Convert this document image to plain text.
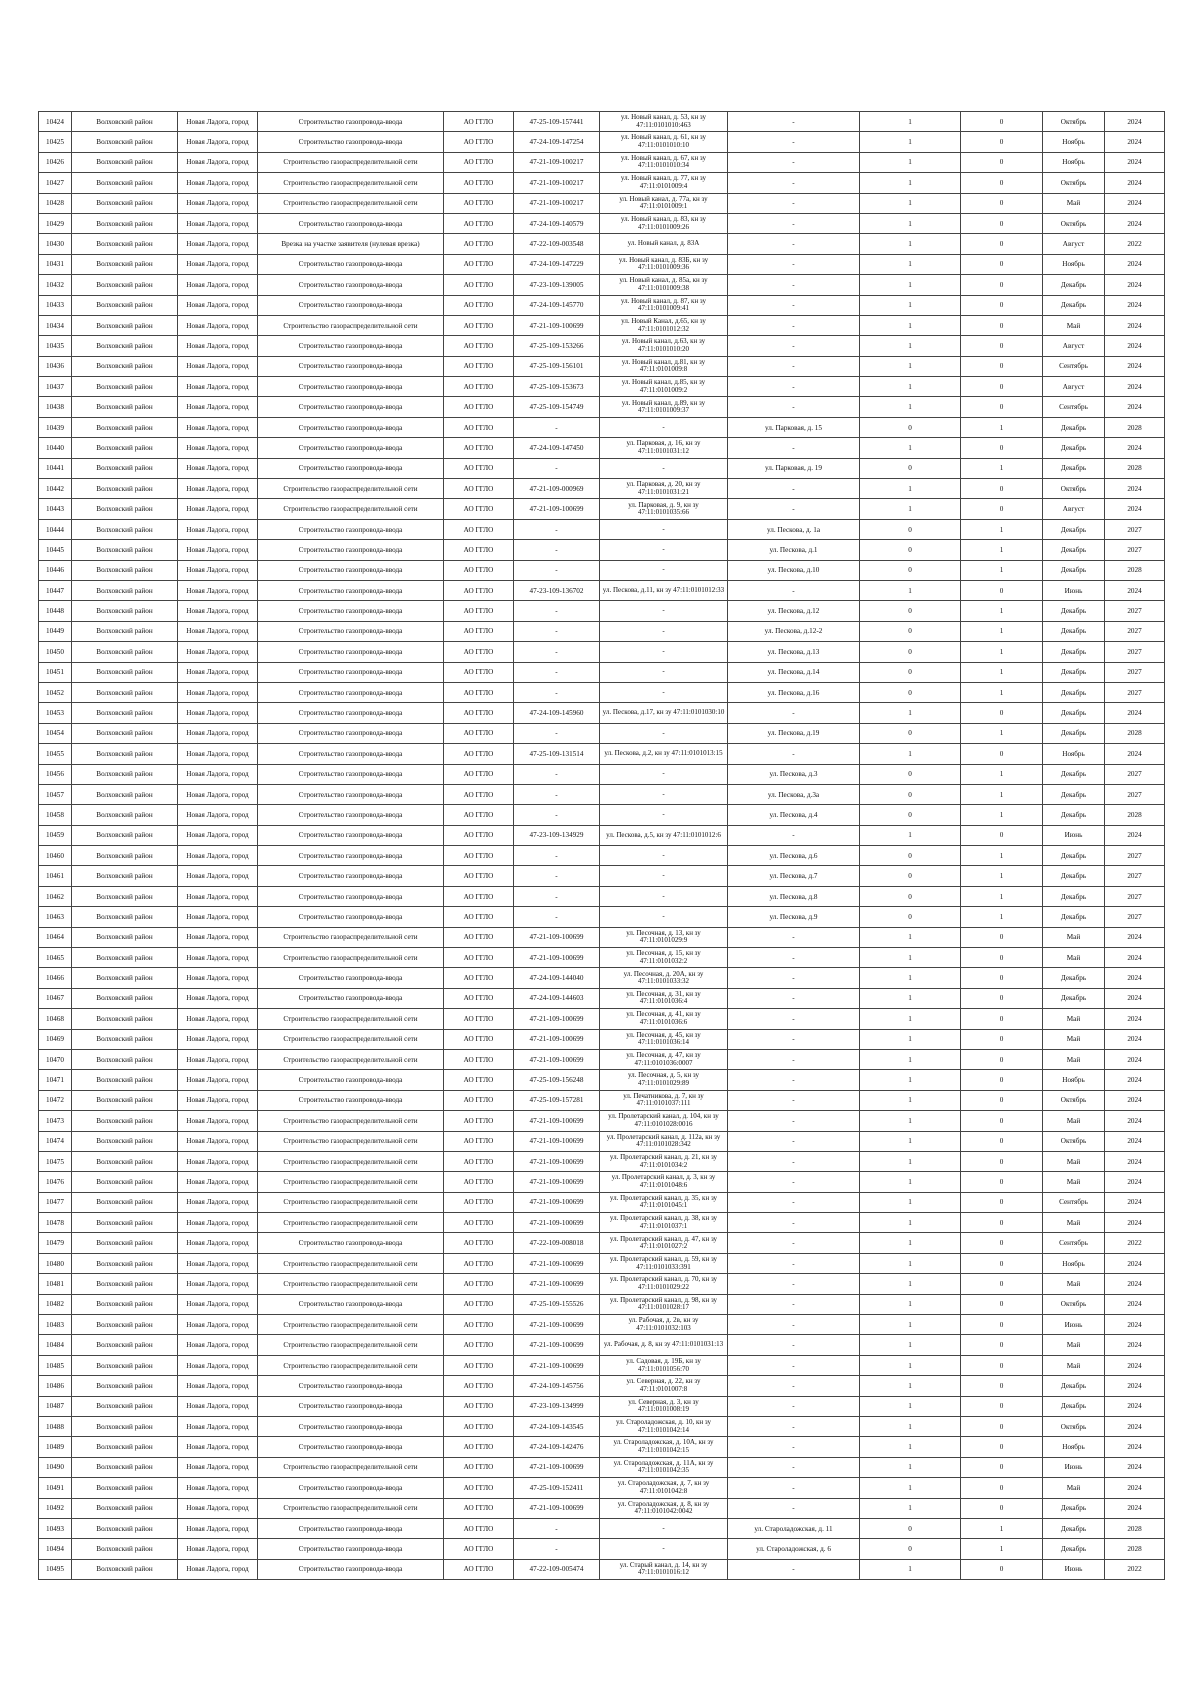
10424	Волховский район	Новая Ладога, город	Строительство газопровода-ввода	АО ГГЛО	47-25-109-157441	ул. Новый канал, д. 53, кн зу 47:11:0101010:463	-	1	0	Октябрь	2024
10425	Волховский район	Новая Ладога, город	Строительство газопровода-ввода	АО ГГЛО	47-24-109-147254	ул. Новый канал, д. 61, кн зу 47:11:0101010:10	-	1	0	Ноябрь	2024
10426	Волховский район	Новая Ладога, город	Строительство газораспределительной сети	АО ГГЛО	47-21-109-100217	ул. Новый канал, д. 67, кн зу 47:11:0101010:34	-	1	0	Ноябрь	2024
10427	Волховский район	Новая Ладога, город	Строительство газораспределительной сети	АО ГГЛО	47-21-109-100217	ул. Новый канал, д. 77, кн зу 47:11:0101009:4	-	1	0	Октябрь	2024
10428	Волховский район	Новая Ладога, город	Строительство газораспределительной сети	АО ГГЛО	47-21-109-100217	ул. Новый канал, д. 77а, кн зу 47:11:0101009:1	-	1	0	Май	2024
10429	Волховский район	Новая Ладога, город	Строительство газопровода-ввода	АО ГГЛО	47-24-109-140579	ул. Новый канал, д. 83, кн зу 47:11:0101009:26	-	1	0	Октябрь	2024
10430	Волховский район	Новая Ладога, город	Врезка на участке заявителя (нулевая врезка)	АО ГГЛО	47-22-109-003548	ул. Новый канал, д. 83А	-	1	0	Август	2022
10431	Волховский район	Новая Ладога, город	Строительство газопровода-ввода	АО ГГЛО	47-24-109-147229	ул. Новый канал, д. 83Б, кн зу 47:11:0101009:36	-	1	0	Ноябрь	2024
10432	Волховский район	Новая Ладога, город	Строительство газопровода-ввода	АО ГГЛО	47-23-109-139005	ул. Новый канал, д. 85а, кн зу 47:11:0101009:38	-	1	0	Декабрь	2024
10433	Волховский район	Новая Ладога, город	Строительство газопровода-ввода	АО ГГЛО	47-24-109-145770	ул. Новый канал, д. 87, кн зу 47:11:0101009:41	-	1	0	Декабрь	2024
10434	Волховский район	Новая Ладога, город	Строительство газораспределительной сети	АО ГГЛО	47-21-109-100699	ул. Новый Канал, д.65, кн зу 47:11:0101012:32	-	1	0	Май	2024
10435	Волховский район	Новая Ладога, город	Строительство газопровода-ввода	АО ГГЛО	47-25-109-153266	ул. Новый канал, д.63, кн зу 47:11:0101010:20	-	1	0	Август	2024
10436	Волховский район	Новая Ладога, город	Строительство газопровода-ввода	АО ГГЛО	47-25-109-156101	ул. Новый канал, д.81, кн зу 47:11:0101009:8	-	1	0	Сентябрь	2024
10437	Волховский район	Новая Ладога, город	Строительство газопровода-ввода	АО ГГЛО	47-25-109-153673	ул. Новый канал, д.85, кн зу 47:11:0101009:2	-	1	0	Август	2024
10438	Волховский район	Новая Ладога, город	Строительство газопровода-ввода	АО ГГЛО	47-25-109-154749	ул. Новый канал, д.89, кн зу 47:11:0101009:37	-	1	0	Сентябрь	2024
10439	Волховский район	Новая Ладога, город	Строительство газопровода-ввода	АО ГГЛО	-	-	ул. Парковая, д. 15	0	1	Декабрь	2028
10440	Волховский район	Новая Ладога, город	Строительство газопровода-ввода	АО ГГЛО	47-24-109-147450	ул. Парковая, д. 16, кн зу 47:11:0101031:12	-	1	0	Декабрь	2024
10441	Волховский район	Новая Ладога, город	Строительство газопровода-ввода	АО ГГЛО	-	-	ул. Парковая, д. 19	0	1	Декабрь	2028
10442	Волховский район	Новая Ладога, город	Строительство газораспределительной сети	АО ГГЛО	47-21-109-000969	ул. Парковая, д. 20, кн зу 47:11:0101031:21	-	1	0	Октябрь	2024
10443	Волховский район	Новая Ладога, город	Строительство газораспределительной сети	АО ГГЛО	47-21-109-100699	ул. Парковая, д. 9, кн зу 47:11:0101035:66	-	1	0	Август	2024
10444	Волховский район	Новая Ладога, город	Строительство газопровода-ввода	АО ГГЛО	-	-	ул. Пескова, д. 1а	0	1	Декабрь	2027
10445	Волховский район	Новая Ладога, город	Строительство газопровода-ввода	АО ГГЛО	-	-	ул. Пескова, д.1	0	1	Декабрь	2027
10446	Волховский район	Новая Ладога, город	Строительство газопровода-ввода	АО ГГЛО	-	-	ул. Пескова, д.10	0	1	Декабрь	2028
10447	Волховский район	Новая Ладога, город	Строительство газопровода-ввода	АО ГГЛО	47-23-109-136702	ул. Пескова, д.11, кн зу 47:11:0101012:33	-	1	0	Июнь	2024
10448	Волховский район	Новая Ладога, город	Строительство газопровода-ввода	АО ГГЛО	-	-	ул. Пескова, д.12	0	1	Декабрь	2027
10449	Волховский район	Новая Ладога, город	Строительство газопровода-ввода	АО ГГЛО	-	-	ул. Пескова, д.12-2	0	1	Декабрь	2027
10450	Волховский район	Новая Ладога, город	Строительство газопровода-ввода	АО ГГЛО	-	-	ул. Пескова, д.13	0	1	Декабрь	2027
10451	Волховский район	Новая Ладога, город	Строительство газопровода-ввода	АО ГГЛО	-	-	ул. Пескова, д.14	0	1	Декабрь	2027
10452	Волховский район	Новая Ладога, город	Строительство газопровода-ввода	АО ГГЛО	-	-	ул. Пескова, д.16	0	1	Декабрь	2027
10453	Волховский район	Новая Ладога, город	Строительство газопровода-ввода	АО ГГЛО	47-24-109-145960	ул. Пескова, д.17, кн зу 47:11:0101030:10	-	1	0	Декабрь	2024
10454	Волховский район	Новая Ладога, город	Строительство газопровода-ввода	АО ГГЛО	-	-	ул. Пескова, д.19	0	1	Декабрь	2028
10455	Волховский район	Новая Ладога, город	Строительство газопровода-ввода	АО ГГЛО	47-25-109-131514	ул. Пескова, д.2, кн зу 47:11:0101013:15	-	1	0	Ноябрь	2024
10456	Волховский район	Новая Ладога, город	Строительство газопровода-ввода	АО ГГЛО	-	-	ул. Пескова, д.3	0	1	Декабрь	2027
10457	Волховский район	Новая Ладога, город	Строительство газопровода-ввода	АО ГГЛО	-	-	ул. Пескова, д.3а	0	1	Декабрь	2027
10458	Волховский район	Новая Ладога, город	Строительство газопровода-ввода	АО ГГЛО	-	-	ул. Пескова, д.4	0	1	Декабрь	2028
10459	Волховский район	Новая Ладога, город	Строительство газопровода-ввода	АО ГГЛО	47-23-109-134929	ул. Пескова, д.5, кн зу 47:11:0101012:6	-	1	0	Июнь	2024
10460	Волховский район	Новая Ладога, город	Строительство газопровода-ввода	АО ГГЛО	-	-	ул. Пескова, д.6	0	1	Декабрь	2027
10461	Волховский район	Новая Ладога, город	Строительство газопровода-ввода	АО ГГЛО	-	-	ул. Пескова, д.7	0	1	Декабрь	2027
10462	Волховский район	Новая Ладога, город	Строительство газопровода-ввода	АО ГГЛО	-	-	ул. Пескова, д.8	0	1	Декабрь	2027
10463	Волховский район	Новая Ладога, город	Строительство газопровода-ввода	АО ГГЛО	-	-	ул. Пескова, д.9	0	1	Декабрь	2027
10464	Волховский район	Новая Ладога, город	Строительство газораспределительной сети	АО ГГЛО	47-21-109-100699	ул. Песочная, д. 13, кн зу 47:11:0101029:9	-	1	0	Май	2024
10465	Волховский район	Новая Ладога, город	Строительство газораспределительной сети	АО ГГЛО	47-21-109-100699	ул. Песочная, д. 15, кн зу 47:11:0101032:2	-	1	0	Май	2024
10466	Волховский район	Новая Ладога, город	Строительство газопровода-ввода	АО ГГЛО	47-24-109-144040	ул. Песочная, д. 20А, кн зу 47:11:0101033:32	-	1	0	Декабрь	2024
10467	Волховский район	Новая Ладога, город	Строительство газопровода-ввода	АО ГГЛО	47-24-109-144603	ул. Песочная, д. 31, кн зу 47:11:0101036:4	-	1	0	Декабрь	2024
10468	Волховский район	Новая Ладога, город	Строительство газораспределительной сети	АО ГГЛО	47-21-109-100699	ул. Песочная, д. 41, кн зу 47:11:0101036:6	-	1	0	Май	2024
10469	Волховский район	Новая Ладога, город	Строительство газораспределительной сети	АО ГГЛО	47-21-109-100699	ул. Песочная, д. 45, кн зу 47:11:0101036:14	-	1	0	Май	2024
10470	Волховский район	Новая Ладога, город	Строительство газораспределительной сети	АО ГГЛО	47-21-109-100699	ул. Песочная, д. 47, кн зу 47:11:0101036:0007	-	1	0	Май	2024
10471	Волховский район	Новая Ладога, город	Строительство газопровода-ввода	АО ГГЛО	47-25-109-156248	ул. Песочная, д. 5, кн зу 47:11:0101029:89	-	1	0	Ноябрь	2024
10472	Волховский район	Новая Ладога, город	Строительство газопровода-ввода	АО ГГЛО	47-25-109-157281	ул. Печатникова, д. 7, кн зу 47:11:0101037:111	-	1	0	Октябрь	2024
10473	Волховский район	Новая Ладога, город	Строительство газораспределительной сети	АО ГГЛО	47-21-109-100699	ул. Пролетарский канал, д. 104, кн зу 47:11:0101028:0016	-	1	0	Май	2024
10474	Волховский район	Новая Ладога, город	Строительство газораспределительной сети	АО ГГЛО	47-21-109-100699	ул. Пролетарский канал, д. 112а, кн зу 47:11:0101028:342	-	1	0	Октябрь	2024
10475	Волховский район	Новая Ладога, город	Строительство газораспределительной сети	АО ГГЛО	47-21-109-100699	ул. Пролетарский канал, д. 21, кн зу 47:11:0101034:2	-	1	0	Май	2024
10476	Волховский район	Новая Ладога, город	Строительство газораспределительной сети	АО ГГЛО	47-21-109-100699	ул. Пролетарский канал, д. 3, кн зу 47:11:0101048:6	-	1	0	Май	2024
10477	Волховский район	Новая Ладога, город	Строительство газораспределительной сети	АО ГГЛО	47-21-109-100699	ул. Пролетарский канал, д. 35, кн зу 47:11:0101045:1	-	1	0	Сентябрь	2024
10478	Волховский район	Новая Ладога, город	Строительство газораспределительной сети	АО ГГЛО	47-21-109-100699	ул. Пролетарский канал, д. 38, кн зу 47:11:0101037:1	-	1	0	Май	2024
10479	Волховский район	Новая Ладога, город	Строительство газопровода-ввода	АО ГГЛО	47-22-109-008018	ул. Пролетарский канал, д. 47, кн зу 47:11:0101027:2	-	1	0	Сентябрь	2022
10480	Волховский район	Новая Ладога, город	Строительство газораспределительной сети	АО ГГЛО	47-21-109-100699	ул. Пролетарский канал, д. 59, кн зу 47:11:0101033:391	-	1	0	Ноябрь	2024
10481	Волховский район	Новая Ладога, город	Строительство газораспределительной сети	АО ГГЛО	47-21-109-100699	ул. Пролетарский канал, д. 70, кн зу 47:11:0101029:22	-	1	0	Май	2024
10482	Волховский район	Новая Ладога, город	Строительство газопровода-ввода	АО ГГЛО	47-25-109-155526	ул. Пролетарский канал, д. 98, кн зу 47:11:0101028:17	-	1	0	Октябрь	2024
10483	Волховский район	Новая Ладога, город	Строительство газораспределительной сети	АО ГГЛО	47-21-109-100699	ул. Рабочая, д. 2в, кн зу 47:11:0101032:103	-	1	0	Июнь	2024
10484	Волховский район	Новая Ладога, город	Строительство газораспределительной сети	АО ГГЛО	47-21-109-100699	ул. Рабочая, д. 8, кн зу 47:11:0101031:13	-	1	0	Май	2024
10485	Волховский район	Новая Ладога, город	Строительство газораспределительной сети	АО ГГЛО	47-21-109-100699	ул. Садовая, д. 19Б, кн зу 47:11:0101056:70	-	1	0	Май	2024
10486	Волховский район	Новая Ладога, город	Строительство газопровода-ввода	АО ГГЛО	47-24-109-145756	ул. Северная, д. 22, кн зу 47:11:0101007:8	-	1	0	Декабрь	2024
10487	Волховский район	Новая Ладога, город	Строительство газопровода-ввода	АО ГГЛО	47-23-109-134999	ул. Северная, д. 3, кн зу 47:11:0101008:19	-	1	0	Декабрь	2024
10488	Волховский район	Новая Ладога, город	Строительство газопровода-ввода	АО ГГЛО	47-24-109-143545	ул. Староладожская, д. 10, кн зу 47:11:0101042:14	-	1	0	Октябрь	2024
10489	Волховский район	Новая Ладога, город	Строительство газопровода-ввода	АО ГГЛО	47-24-109-142476	ул. Староладожская, д. 10А, кн зу 47:11:0101042:15	-	1	0	Ноябрь	2024
10490	Волховский район	Новая Ладога, город	Строительство газораспределительной сети	АО ГГЛО	47-21-109-100699	ул. Староладожская, д. 11А, кн зу 47:11:0101042:35	-	1	0	Июнь	2024
10491	Волховский район	Новая Ладога, город	Строительство газопровода-ввода	АО ГГЛО	47-25-109-152411	ул. Староладожская, д. 7, кн зу 47:11:0101042:8	-	1	0	Май	2024
10492	Волховский район	Новая Ладога, город	Строительство газораспределительной сети	АО ГГЛО	47-21-109-100699	ул. Староладожская, д. 8, кн зу 47:11:0101042:0042	-	1	0	Декабрь	2024
10493	Волховский район	Новая Ладога, город	Строительство газопровода-ввода	АО ГГЛО	-	-	ул. Староладожская, д. 11	0	1	Декабрь	2028
10494	Волховский район	Новая Ладога, город	Строительство газопровода-ввода	АО ГГЛО	-	-	ул. Староладожская, д. 6	0	1	Декабрь	2028
10495	Волховский район	Новая Ладога, город	Строительство газопровода-ввода	АО ГГЛО	47-22-109-005474	ул. Старый канал, д. 14, кн зу 47:11:0101016:12	-	1	0	Июнь	2022
